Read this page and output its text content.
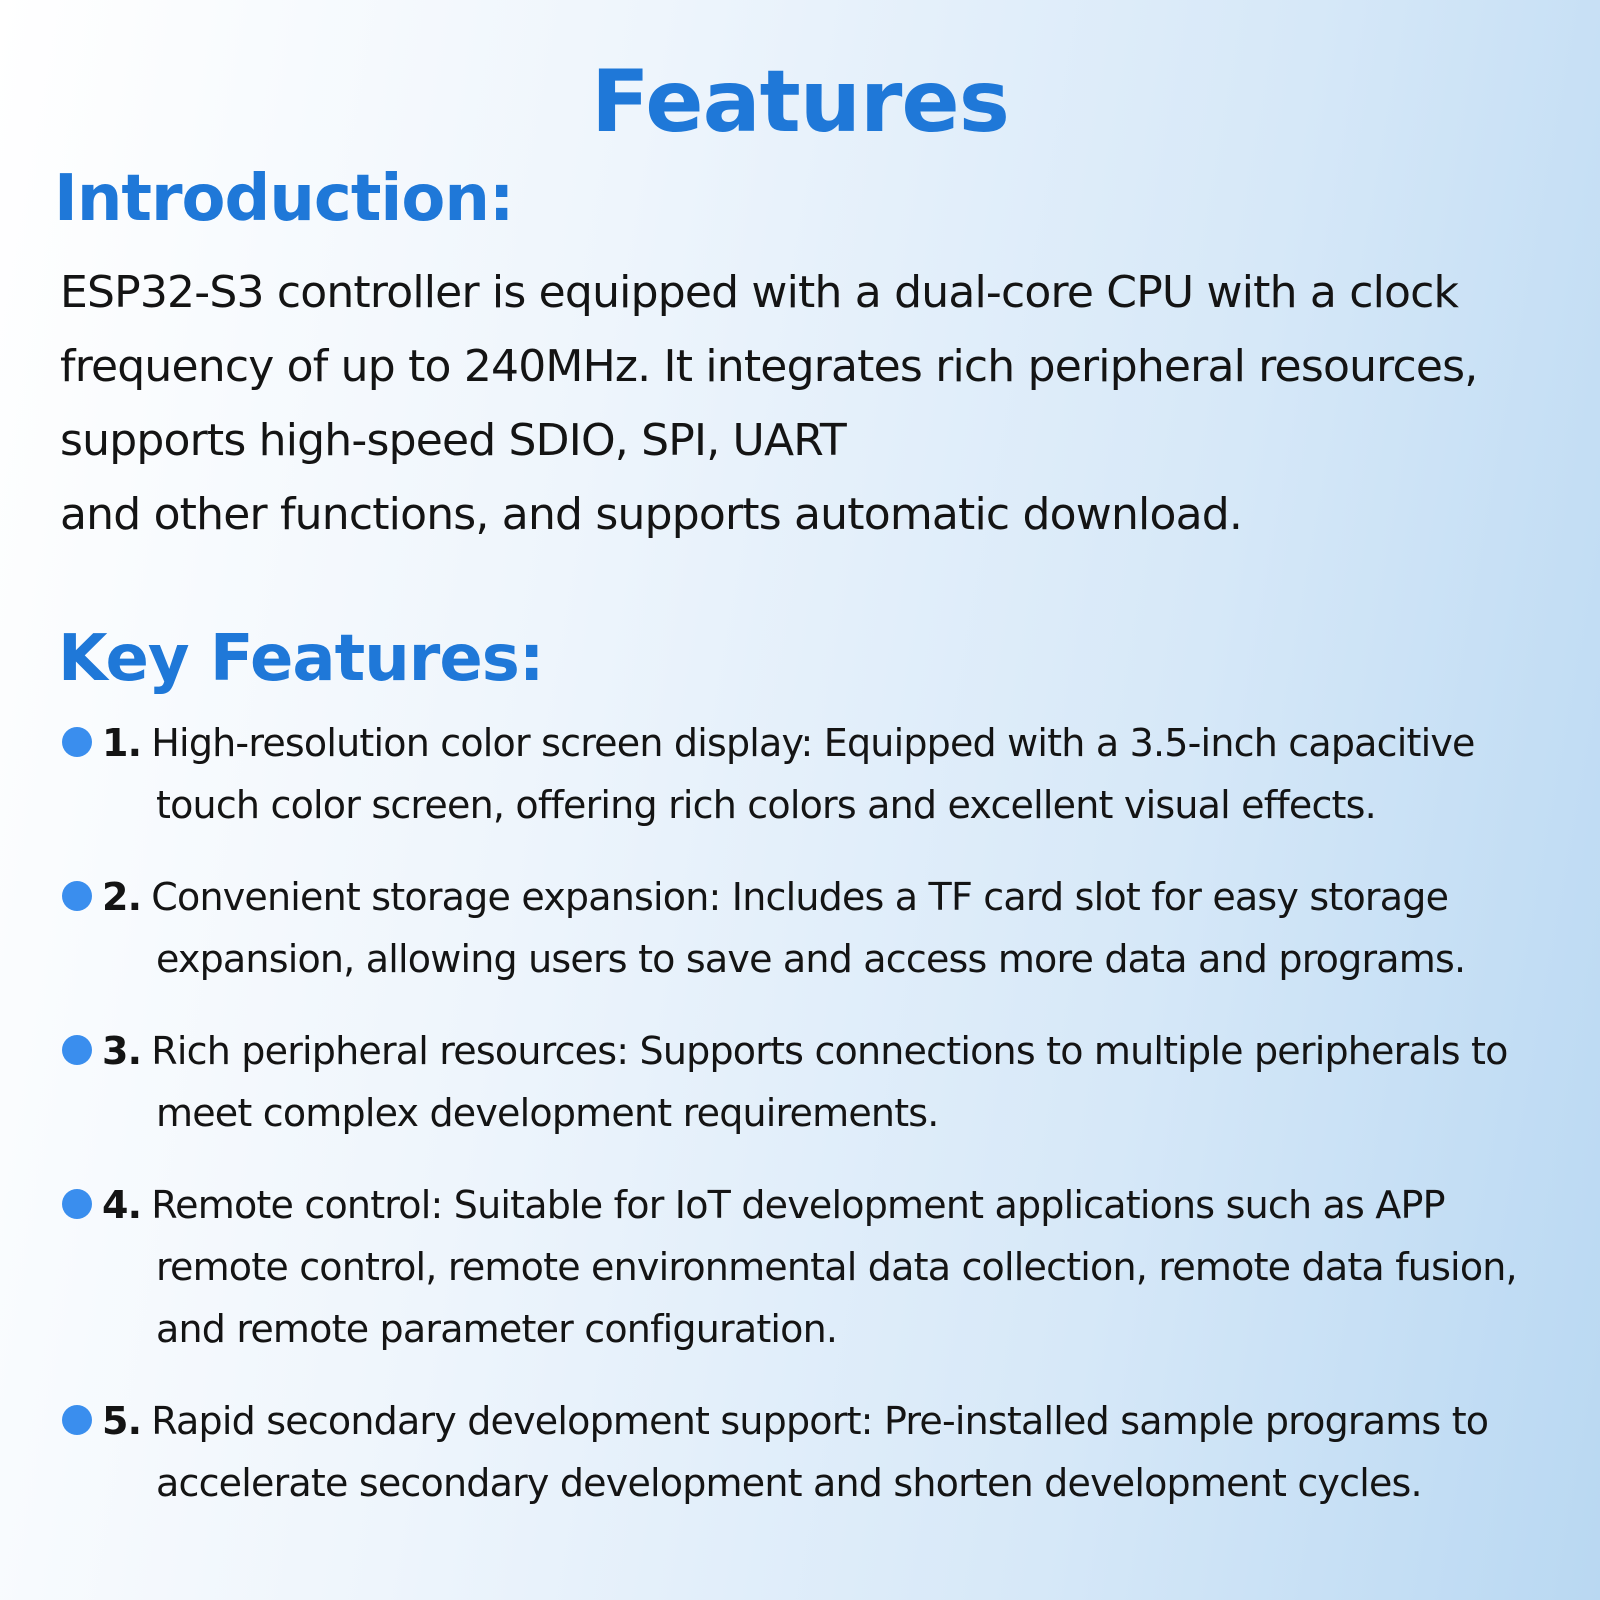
Features
Introduction:
ESP32-S3 controller is equipped with a dual-core CPU with a clock
frequency of up to 240MHz. It integrates rich peripheral resources,
supports high-speed SDIO, SPI, UART
and other functions, and supports automatic download.
Key Features:
1. High-resolution color screen display: Equipped with a 3.5-inch capacitive
touch color screen, offering rich colors and excellent visual effects.
2. Convenient storage expansion: Includes a TF card slot for easy storage
expansion, allowing users to save and access more data and programs.
3. Rich peripheral resources: Supports connections to multiple peripherals to
meet complex development requirements.
4. Remote control: Suitable for IoT development applications such as APP
remote control, remote environmental data collection, remote data fusion,
and remote parameter configuration.
5. Rapid secondary development support: Pre-installed sample programs to
accelerate secondary development and shorten development cycles.
